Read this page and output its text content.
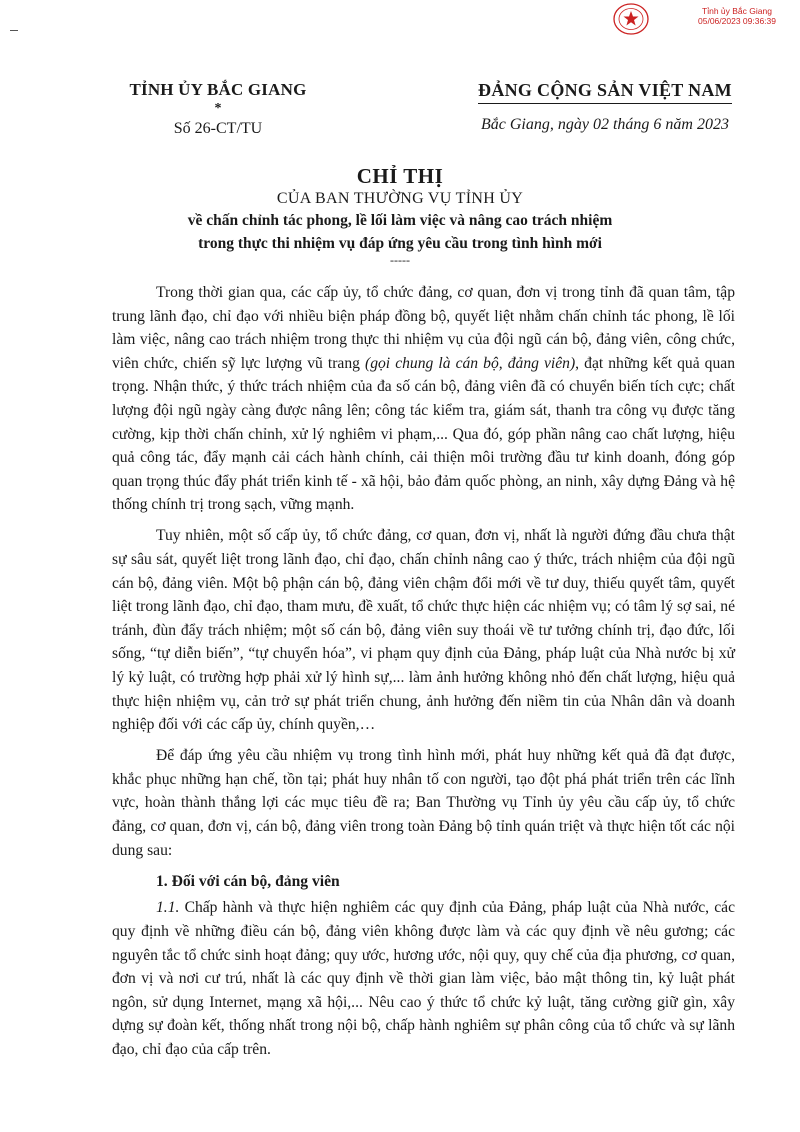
Tỉnh ủy Bắc Giang
05/06/2023 09:36:39
TỈNH ỦY BẮC GIANG
*
Số 26-CT/TU
ĐẢNG CỘNG SẢN VIỆT NAM
Bắc Giang, ngày 02 tháng 6 năm 2023
CHỈ THỊ
CỦA BAN THƯỜNG VỤ TỈNH ỦY
về chấn chỉnh tác phong, lề lối làm việc và nâng cao trách nhiệm
trong thực thi nhiệm vụ đáp ứng yêu cầu trong tình hình mới
-----

Trong thời gian qua, các cấp ủy, tổ chức đảng, cơ quan, đơn vị trong tỉnh đã quan tâm, tập trung lãnh đạo, chỉ đạo với nhiều biện pháp đồng bộ, quyết liệt nhằm chấn chỉnh tác phong, lề lối làm việc, nâng cao trách nhiệm trong thực thi nhiệm vụ của đội ngũ cán bộ, đảng viên, công chức, viên chức, chiến sỹ lực lượng vũ trang (gọi chung là cán bộ, đảng viên), đạt những kết quả quan trọng. Nhận thức, ý thức trách nhiệm của đa số cán bộ, đảng viên đã có chuyển biến tích cực; chất lượng đội ngũ ngày càng được nâng lên; công tác kiểm tra, giám sát, thanh tra công vụ được tăng cường, kịp thời chấn chỉnh, xử lý nghiêm vi phạm,... Qua đó, góp phần nâng cao chất lượng, hiệu quả công tác, đẩy mạnh cải cách hành chính, cải thiện môi trường đầu tư kinh doanh, đóng góp quan trọng thúc đẩy phát triển kinh tế - xã hội, bảo đảm quốc phòng, an ninh, xây dựng Đảng và hệ thống chính trị trong sạch, vững mạnh.

Tuy nhiên, một số cấp ủy, tổ chức đảng, cơ quan, đơn vị, nhất là người đứng đầu chưa thật sự sâu sát, quyết liệt trong lãnh đạo, chỉ đạo, chấn chỉnh nâng cao ý thức, trách nhiệm của đội ngũ cán bộ, đảng viên. Một bộ phận cán bộ, đảng viên chậm đổi mới về tư duy, thiếu quyết tâm, quyết liệt trong lãnh đạo, chỉ đạo, tham mưu, đề xuất, tổ chức thực hiện các nhiệm vụ; có tâm lý sợ sai, né tránh, đùn đẩy trách nhiệm; một số cán bộ, đảng viên suy thoái về tư tưởng chính trị, đạo đức, lối sống, “tự diễn biến”, “tự chuyển hóa”, vi phạm quy định của Đảng, pháp luật của Nhà nước bị xử lý kỷ luật, có trường hợp phải xử lý hình sự,... làm ảnh hưởng không nhỏ đến chất lượng, hiệu quả thực hiện nhiệm vụ, cản trở sự phát triển chung, ảnh hưởng đến niềm tin của Nhân dân và doanh nghiệp đối với các cấp ủy, chính quyền,…

Để đáp ứng yêu cầu nhiệm vụ trong tình hình mới, phát huy những kết quả đã đạt được, khắc phục những hạn chế, tồn tại; phát huy nhân tố con người, tạo đột phá phát triển trên các lĩnh vực, hoàn thành thắng lợi các mục tiêu đề ra; Ban Thường vụ Tỉnh ủy yêu cầu cấp ủy, tổ chức đảng, cơ quan, đơn vị, cán bộ, đảng viên trong toàn Đảng bộ tỉnh quán triệt và thực hiện tốt các nội dung sau:

1. Đối với cán bộ, đảng viên

1.1. Chấp hành và thực hiện nghiêm các quy định của Đảng, pháp luật của Nhà nước, các quy định về những điều cán bộ, đảng viên không được làm và các quy định về nêu gương; các nguyên tắc tổ chức sinh hoạt đảng; quy ước, hương ước, nội quy, quy chế của địa phương, cơ quan, đơn vị và nơi cư trú, nhất là các quy định về thời gian làm việc, bảo mật thông tin, kỷ luật phát ngôn, sử dụng Internet, mạng xã hội,... Nêu cao ý thức tổ chức kỷ luật, tăng cường giữ gìn, xây dựng sự đoàn kết, thống nhất trong nội bộ, chấp hành nghiêm sự phân công của tổ chức và sự lãnh đạo, chỉ đạo của cấp trên.
